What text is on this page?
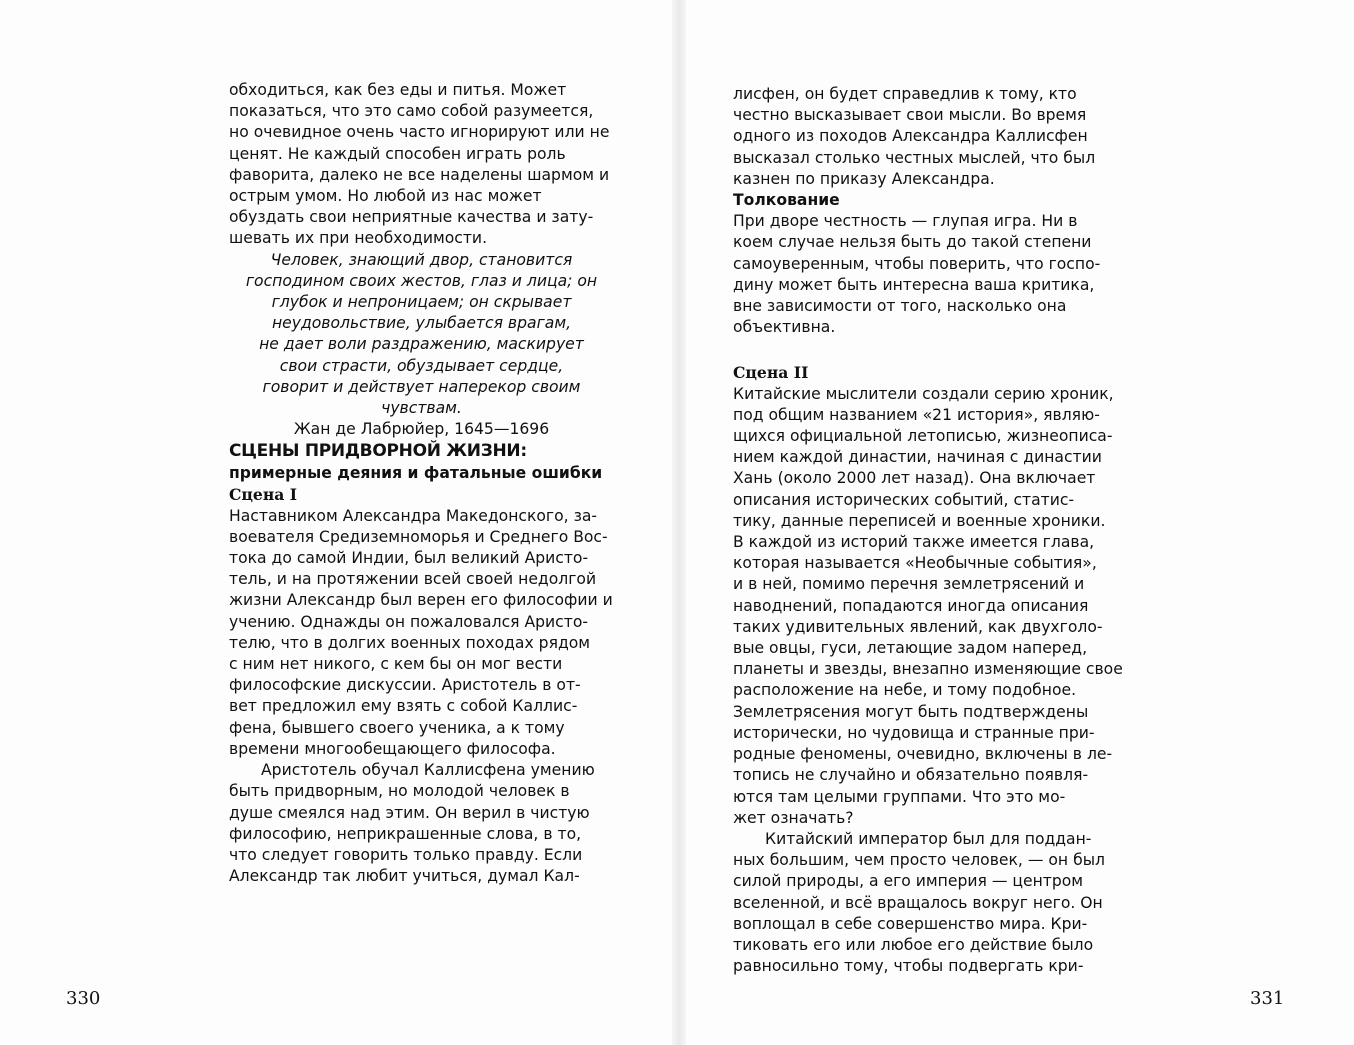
обходиться, как без еды и питья. Может
показаться, что это само собой разумеется,
но очевидное очень часто игнорируют или не
ценят. Не каждый способен играть роль
фаворита, далеко не все наделены шармом и
острым умом. Но любой из нас может
обуздать свои неприятные качества и зату-
шевать их при необходимости.

Человек, знающий двор, становится
господином своих жестов, глаз и лица; он
глубок и непроницаем; он скрывает
неудовольствие, улыбается врагам,
не дает воли раздражению, маскирует
свои страсти, обуздывает сердце,
говорит и действует наперекор своим
чувствам.

Жан де Лабрюйер, 1645—1696

СЦЕНЫ ПРИДВОРНОЙ ЖИЗНИ:

примерные деяния и фатальные ошибки

Сцена I

Наставником Александра Македонского, за-
воевателя Средиземноморья и Среднего Вос-
тока до самой Индии, был великий Аристо-
тель, и на протяжении всей своей недолгой
жизни Александр был верен его философии и
учению. Однажды он пожаловался Аристо-
телю, что в долгих военных походах рядом
с ним нет никого, с кем бы он мог вести
философские дискуссии. Аристотель в от-
вет предложил ему взять с собой Каллис-
фена, бывшего своего ученика, а к тому
времени многообещающего философа.

Аристотель обучал Каллисфена умению
быть придворным, но молодой человек в
душе смеялся над этим. Он верил в чистую
философию, неприкрашенные слова, в то,
что следует говорить только правду. Если
Александр так любит учиться, думал Кал-

330

лисфен, он будет справедлив к тому, кто
честно высказывает свои мысли. Во время
одного из походов Александра Каллисфен
высказал столько честных мыслей, что был
казнен по приказу Александра.

Толкование

При дворе честность — глупая игра. Ни в
коем случае нельзя быть до такой степени
самоуверенным, чтобы поверить, что госпо-
дину может быть интересна ваша критика,
вне зависимости от того, насколько она
объективна.

Сцена II

Китайские мыслители создали серию хроник,
под общим названием «21 история», являю-
щихся официальной летописью, жизнеописа-
нием каждой династии, начиная с династии
Хань (около 2000 лет назад). Она включает
описания исторических событий, статис-
тику, данные переписей и военные хроники.
В каждой из историй также имеется глава,
которая называется «Необычные события»,
и в ней, помимо перечня землетрясений и
наводнений, попадаются иногда описания
таких удивительных явлений, как двухголо-
вые овцы, гуси, летающие задом наперед,
планеты и звезды, внезапно изменяющие свое
расположение на небе, и тому подобное.
Землетрясения могут быть подтверждены
исторически, но чудовища и странные при-
родные феномены, очевидно, включены в ле-
топись не случайно и обязательно появля-
ются там целыми группами. Что это мо-
жет означать?

Китайский император был для поддан-
ных большим, чем просто человек, — он был
силой природы, а его империя — центром
вселенной, и всё вращалось вокруг него. Он
воплощал в себе совершенство мира. Кри-
тиковать его или любое его действие было
равносильно тому, чтобы подвергать кри-

331
